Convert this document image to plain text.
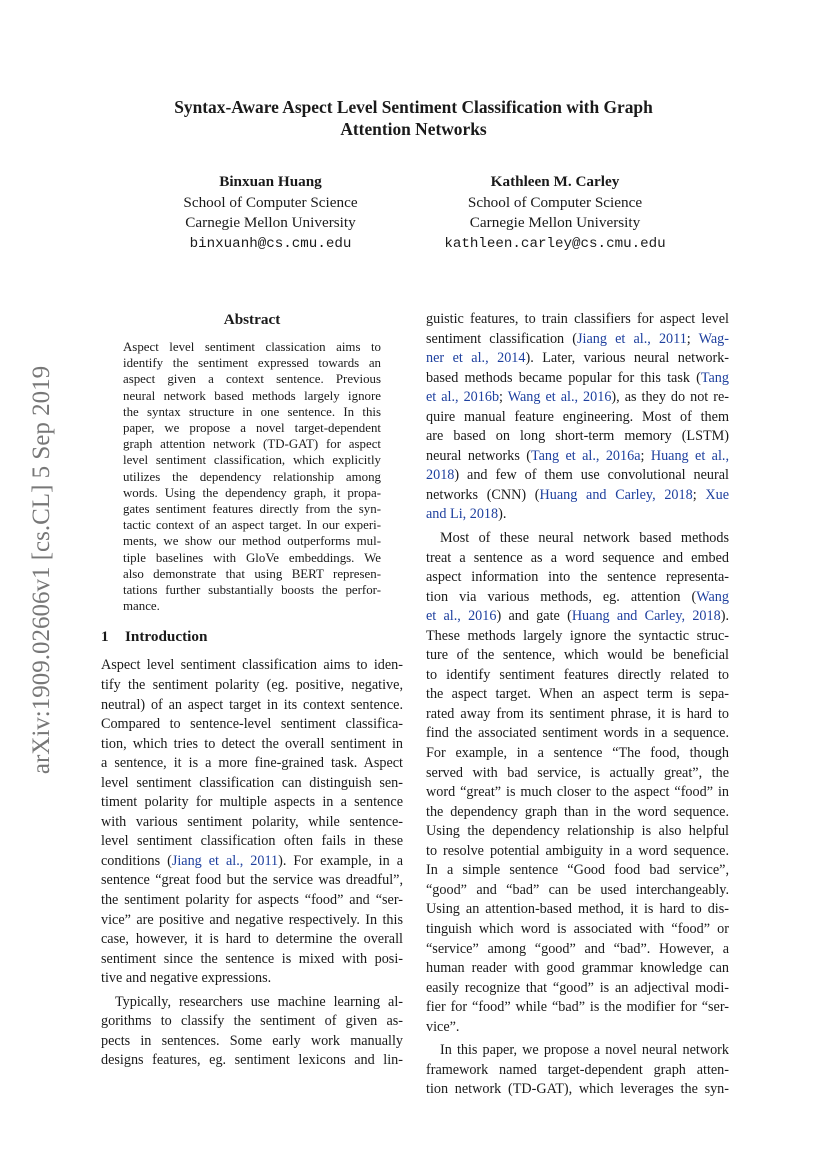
Syntax-Aware Aspect Level Sentiment Classification with Graph
Attention Networks
Binxuan Huang
School of Computer Science
Carnegie Mellon University
binxuanh@cs.cmu.edu
Kathleen M. Carley
School of Computer Science
Carnegie Mellon University
kathleen.carley@cs.cmu.edu
arXiv:1909.02606v1 [cs.CL] 5 Sep 2019
Abstract
Aspect level sentiment classication aims to
identify the sentiment expressed towards an
aspect given a context sentence. Previous
neural network based methods largely ignore
the syntax structure in one sentence. In this
paper, we propose a novel target-dependent
graph attention network (TD-GAT) for aspect
level sentiment classification, which explicitly
utilizes the dependency relationship among
words. Using the dependency graph, it propa-
gates sentiment features directly from the syn-
tactic context of an aspect target. In our experi-
ments, we show our method outperforms mul-
tiple baselines with GloVe embeddings. We
also demonstrate that using BERT represen-
tations further substantially boosts the perfor-
mance.
1 Introduction

Aspect level sentiment classification aims to iden-
tify the sentiment polarity (eg. positive, negative,
neutral) of an aspect target in its context sentence.
Compared to sentence-level sentiment classifica-
tion, which tries to detect the overall sentiment in
a sentence, it is a more fine-grained task. Aspect
level sentiment classification can distinguish sen-
timent polarity for multiple aspects in a sentence
with various sentiment polarity, while sentence-
level sentiment classification often fails in these
conditions (Jiang et al., 2011). For example, in a
sentence “great food but the service was dreadful”,
the sentiment polarity for aspects “food” and “ser-
vice” are positive and negative respectively. In this
case, however, it is hard to determine the overall
sentiment since the sentence is mixed with posi-
tive and negative expressions.

Typically, researchers use machine learning al-
gorithms to classify the sentiment of given as-
pects in sentences. Some early work manually
designs features, eg. sentiment lexicons and lin-

guistic features, to train classifiers for aspect level
sentiment classification (Jiang et al., 2011; Wag-
ner et al., 2014). Later, various neural network-
based methods became popular for this task (Tang
et al., 2016b; Wang et al., 2016), as they do not re-
quire manual feature engineering. Most of them
are based on long short-term memory (LSTM)
neural networks (Tang et al., 2016a; Huang et al.,
2018) and few of them use convolutional neural
networks (CNN) (Huang and Carley, 2018; Xue
and Li, 2018).

Most of these neural network based methods
treat a sentence as a word sequence and embed
aspect information into the sentence representa-
tion via various methods, eg. attention (Wang
et al., 2016) and gate (Huang and Carley, 2018).
These methods largely ignore the syntactic struc-
ture of the sentence, which would be beneficial
to identify sentiment features directly related to
the aspect target. When an aspect term is sepa-
rated away from its sentiment phrase, it is hard to
find the associated sentiment words in a sequence.
For example, in a sentence “The food, though
served with bad service, is actually great”, the
word “great” is much closer to the aspect “food” in
the dependency graph than in the word sequence.
Using the dependency relationship is also helpful
to resolve potential ambiguity in a word sequence.
In a simple sentence “Good food bad service”,
“good” and “bad” can be used interchangeably.
Using an attention-based method, it is hard to dis-
tinguish which word is associated with “food” or
“service” among “good” and “bad”. However, a
human reader with good grammar knowledge can
easily recognize that “good” is an adjectival modi-
fier for “food” while “bad” is the modifier for “ser-
vice”.

In this paper, we propose a novel neural network
framework named target-dependent graph atten-
tion network (TD-GAT), which leverages the syn-
